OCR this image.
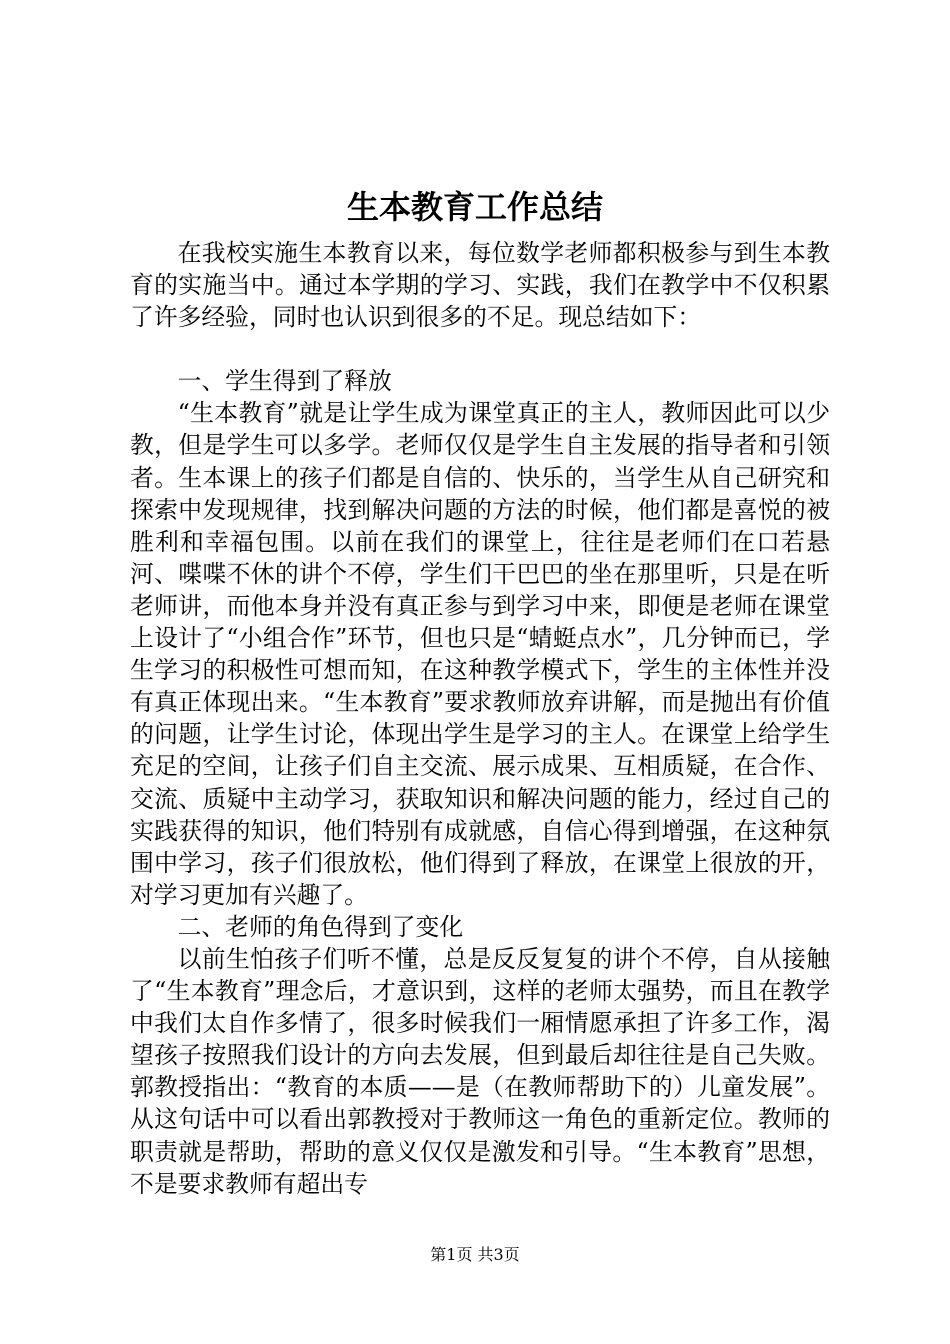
生本教育工作总结

在我校实施生本教育以来，每位数学老师都积极参与到生本教育的实施当中。通过本学期的学习、实践，我们在教学中不仅积累了许多经验，同时也认识到很多的不足。现总结如下：

一、学生得到了释放

“生本教育”就是让学生成为课堂真正的主人，教师因此可以少教，但是学生可以多学。老师仅仅是学生自主发展的指导者和引领者。生本课上的孩子们都是自信的、快乐的，当学生从自己研究和探索中发现规律，找到解决问题的方法的时候，他们都是喜悦的被胜利和幸福包围。以前在我们的课堂上，往往是老师们在口若悬河、喋喋不休的讲个不停，学生们干巴巴的坐在那里听，只是在听老师讲，而他本身并没有真正参与到学习中来，即便是老师在课堂上设计了“小组合作”环节，但也只是“蜻蜓点水”，几分钟而已，学生学习的积极性可想而知，在这种教学模式下，学生的主体性并没有真正体现出来。“生本教育”要求教师放弃讲解，而是抛出有价值的问题，让学生讨论，体现出学生是学习的主人。在课堂上给学生充足的空间，让孩子们自主交流、展示成果、互相质疑，在合作、交流、质疑中主动学习，获取知识和解决问题的能力，经过自己的实践获得的知识，他们特别有成就感，自信心得到增强，在这种氛围中学习，孩子们很放松，他们得到了释放，在课堂上很放的开，对学习更加有兴趣了。

二、老师的角色得到了变化

以前生怕孩子们听不懂，总是反反复复的讲个不停，自从接触了“生本教育”理念后，才意识到，这样的老师太强势，而且在教学中我们太自作多情了，很多时候我们一厢情愿承担了许多工作，渴望孩子按照我们设计的方向去发展，但到最后却往往是自己失败。郭教授指出：“教育的本质——是（在教师帮助下的）儿童发展”。从这句话中可以看出郭教授对于教师这一角色的重新定位。教师的职责就是帮助，帮助的意义仅仅是激发和引导。“生本教育”思想，不是要求教师有超出专

第1页 共3页
